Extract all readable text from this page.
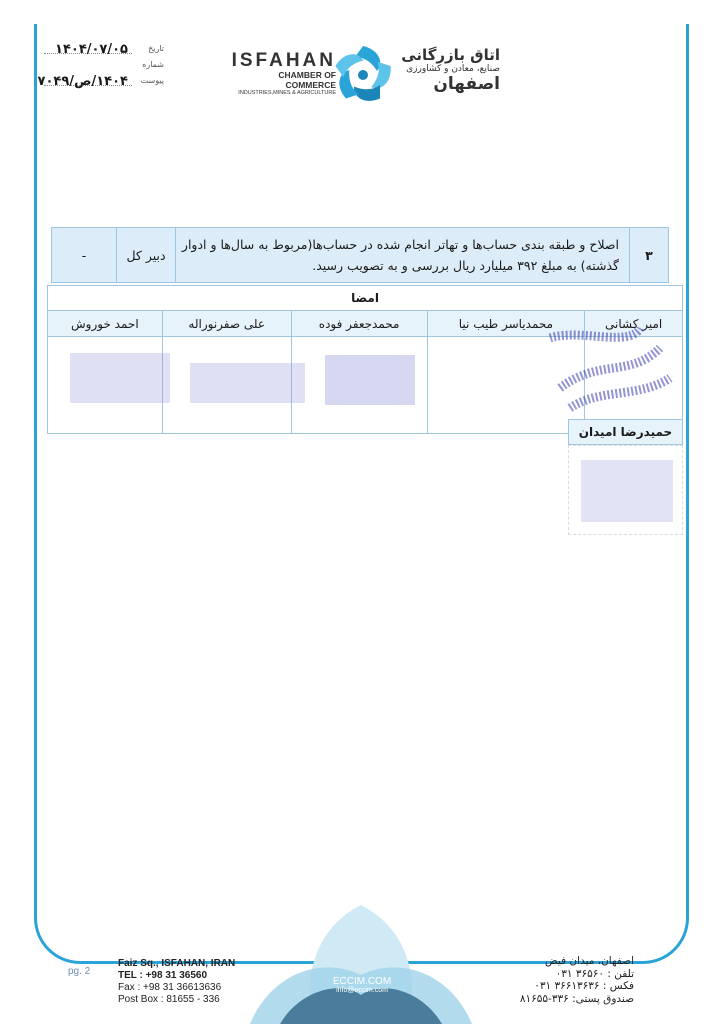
تاریخ
۱۴۰۴/۰۷/۰۵
شماره
پیوست
۱۴۰۴/ص/۷۰۴۹
ISFAHAN
CHAMBER OF COMMERCE
INDUSTRIES,MINES & AGRICULTURE
اتاق بازرگانی
صنایع، معادن و کشاورزی
اصفهان
۳	اصلاح و طبقه بندی حساب‌ها و تهاتر انجام شده در حساب‌ها(مربوط به سال‌ها و ادوار گذشته) به مبلغ ۳۹۲ میلیارد ریال بررسی و به تصویب رسید.	دبیر کل	-
امضا				
امیر کشانی	محمدیاسر طیب نیا	محمدجعفر فوده	علی صفرنوراله	احمد خوروش

حمیدرضا امیدان
pg. 2
Faiz Sq., ISFAHAN, IRAN
TEL : +98 31 36560
Fax : +98 31 36613636
Post Box : 81655 - 336
ECCIM.COM
info@eccim.com
اصفهان، میدان فیض
تلفن : ۳۶۵۶۰ ۰۳۱
فکس : ۳۶۶۱۳۶۳۶ ۰۳۱
صندوق پستی: ۳۳۶-۸۱۶۵۵
